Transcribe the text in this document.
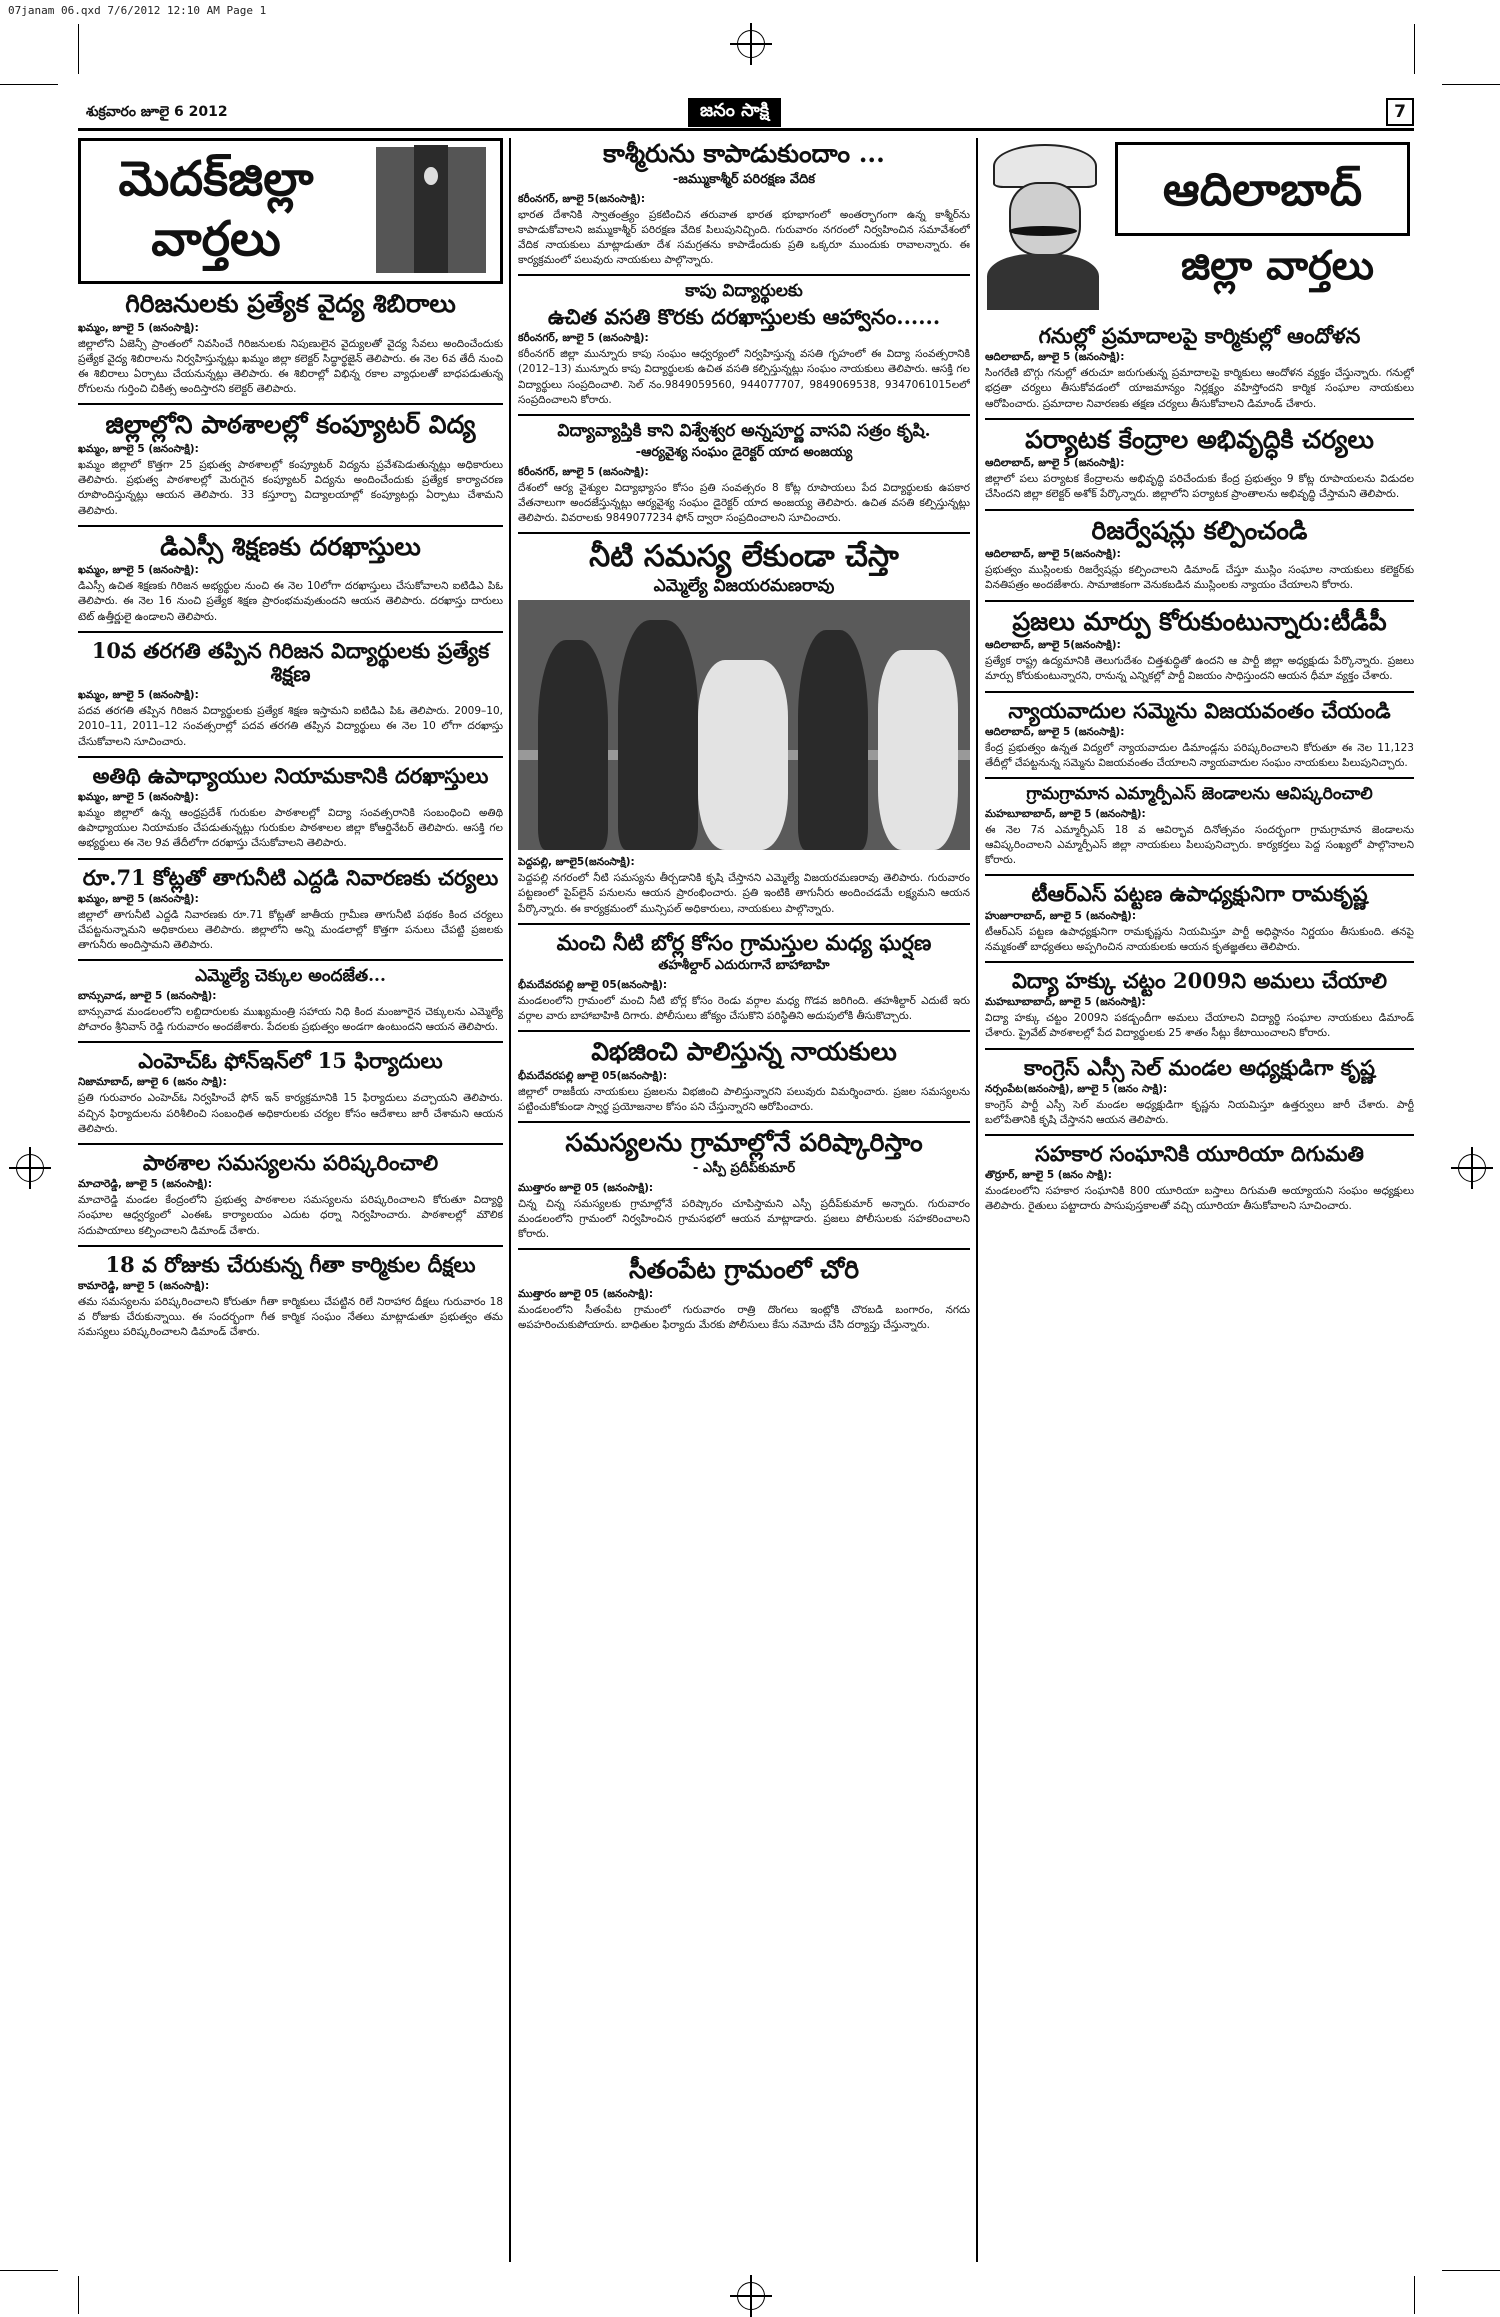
07janam 06.qxd 7/6/2012 12:10 AM Page 1
శుక్రవారం జూలై 6 2012	జనం సాక్షి	7
మెదక్‌జిల్లా వార్తలు
గిరిజనులకు ప్రత్యేక వైద్య శిబిరాలు

ఖమ్మం, జూలై 5 (జనంసాక్షి):

జిల్లాలోని ఏజెన్సీ ప్రాంతంలో నివసించే గిరిజనులకు నిపుణులైన వైద్యులతో వైద్య సేవలు అందించేందుకు ప్రత్యేక వైద్య శిబిరాలను నిర్వహిస్తున్నట్లు ఖమ్మం జిల్లా కలెక్టర్ సిద్ధార్థజైన్ తెలిపారు. ఈ నెల 6వ తేదీ నుంచి ఈ శిబిరాలు ఏర్పాటు చేయనున్నట్లు తెలిపారు. ఈ శిబిరాల్లో విభిన్న రకాల వ్యాధులతో బాధపడుతున్న రోగులను గుర్తించి చికిత్స అందిస్తారని కలెక్టర్ తెలిపారు.

జిల్లాల్లోని పాఠశాలల్లో కంప్యూటర్ విద్య

ఖమ్మం, జూలై 5 (జనంసాక్షి):

ఖమ్మం జిల్లాలో కొత్తగా 25 ప్రభుత్వ పాఠశాలల్లో కంప్యూటర్ విద్యను ప్రవేశపెడుతున్నట్లు అధికారులు తెలిపారు. ప్రభుత్వ పాఠశాలల్లో మెరుగైన కంప్యూటర్ విద్యను అందించేందుకు ప్రత్యేక కార్యాచరణ రూపొందిస్తున్నట్లు ఆయన తెలిపారు. 33 కస్తూర్బా విద్యాలయాల్లో కంప్యూటర్లు ఏర్పాటు చేశామని తెలిపారు.

డిఎస్సీ శిక్షణకు దరఖాస్తులు

ఖమ్మం, జూలై 5 (జనంసాక్షి):

డిఎస్సీ ఉచిత శిక్షణకు గిరిజన అభ్యర్థుల నుంచి ఈ నెల 10లోగా దరఖాస్తులు చేసుకోవాలని ఐటిడిఎ పిఓ తెలిపారు. ఈ నెల 16 నుంచి ప్రత్యేక శిక్షణ ప్రారంభమవుతుందని ఆయన తెలిపారు. దరఖాస్తు దారులు టెట్ ఉత్తీర్ణులై ఉండాలని తెలిపారు.

10వ తరగతి తప్పిన గిరిజన విద్యార్థులకు ప్రత్యేక శిక్షణ

ఖమ్మం, జూలై 5 (జనంసాక్షి):

పదవ తరగతి తప్పిన గిరిజన విద్యార్థులకు ప్రత్యేక శిక్షణ ఇస్తామని ఐటిడిఎ పిఓ తెలిపారు. 2009–10, 2010–11, 2011–12 సంవత్సరాల్లో పదవ తరగతి తప్పిన విద్యార్థులు ఈ నెల 10 లోగా దరఖాస్తు చేసుకోవాలని సూచించారు.

అతిథి ఉపాధ్యాయుల నియామకానికి దరఖాస్తులు

ఖమ్మం, జూలై 5 (జనంసాక్షి):

ఖమ్మం జిల్లాలో ఉన్న ఆంధ్రప్రదేశ్ గురుకుల పాఠశాలల్లో విద్యా సంవత్సరానికి సంబంధించి అతిథి ఉపాధ్యాయుల నియామకం చేపడుతున్నట్లు గురుకుల పాఠశాలల జిల్లా కోఆర్డినేటర్ తెలిపారు. ఆసక్తి గల అభ్యర్థులు ఈ నెల 9వ తేదీలోగా దరఖాస్తు చేసుకోవాలని తెలిపారు.

రూ.71 కోట్లతో తాగునీటి ఎద్దడి నివారణకు చర్యలు

ఖమ్మం, జూలై 5 (జనంసాక్షి):

జిల్లాలో తాగునీటి ఎద్దడి నివారణకు రూ.71 కోట్లతో జాతీయ గ్రామీణ తాగునీటి పథకం కింద చర్యలు చేపట్టనున్నామని అధికారులు తెలిపారు. జిల్లాలోని అన్ని మండలాల్లో కొత్తగా పనులు చేపట్టి ప్రజలకు తాగునీరు అందిస్తామని తెలిపారు.

ఎమ్మెల్యే చెక్కుల అందజేత...

బాన్సువాడ, జూలై 5 (జనంసాక్షి):

బాన్సువాడ మండలంలోని లబ్దిదారులకు ముఖ్యమంత్రి సహాయ నిధి కింద మంజూరైన చెక్కులను ఎమ్మెల్యే పోచారం శ్రీనివాస్ రెడ్డి గురువారం అందజేశారు. పేదలకు ప్రభుత్వం అండగా ఉంటుందని ఆయన తెలిపారు.

ఎంహెచ్‌ఓ ఫోన్‌ఇన్‌లో 15 ఫిర్యాదులు

నిజామాబాద్, జూలై 6 (జనం సాక్షి):

ప్రతి గురువారం ఎంహెచ్ఓ నిర్వహించే ఫోన్ ఇన్ కార్యక్రమానికి 15 ఫిర్యాదులు వచ్చాయని తెలిపారు. వచ్చిన ఫిర్యాదులను పరిశీలించి సంబంధిత అధికారులకు చర్యల కోసం ఆదేశాలు జారీ చేశామని ఆయన తెలిపారు.

పాఠశాల సమస్యలను పరిష్కరించాలి

మాచారెడ్డి, జూలై 5 (జనంసాక్షి):

మాచారెడ్డి మండల కేంద్రంలోని ప్రభుత్వ పాఠశాలల సమస్యలను పరిష్కరించాలని కోరుతూ విద్యార్థి సంఘాల ఆధ్వర్యంలో ఎంఈఓ కార్యాలయం ఎదుట ధర్నా నిర్వహించారు. పాఠశాలల్లో మౌలిక సదుపాయాలు కల్పించాలని డిమాండ్ చేశారు.

18 వ రోజుకు చేరుకున్న గీతా కార్మికుల దీక్షలు

కామారెడ్డి, జూలై 5 (జనంసాక్షి):

తమ సమస్యలను పరిష్కరించాలని కోరుతూ గీతా కార్మికులు చేపట్టిన రిలే నిరాహార దీక్షలు గురువారం 18 వ రోజుకు చేరుకున్నాయి. ఈ సందర్భంగా గీత కార్మిక సంఘం నేతలు మాట్లాడుతూ ప్రభుత్వం తమ సమస్యలు పరిష్కరించాలని డిమాండ్ చేశారు.

కాశ్మీరును కాపాడుకుందాం ...
-జమ్ముకాశ్మీర్ పరిరక్షణ వేదిక

కరీంనగర్, జూలై 5(జనంసాక్షి):

భారత దేశానికి స్వాతంత్ర్యం ప్రకటించిన తరువాత భారత భూభాగంలో అంతర్భాగంగా ఉన్న కాశ్మీర్‌ను కాపాడుకోవాలని జమ్ముకాశ్మీర్ పరిరక్షణ వేదిక పిలుపునిచ్చింది. గురువారం నగరంలో నిర్వహించిన సమావేశంలో వేదిక నాయకులు మాట్లాడుతూ దేశ సమగ్రతను కాపాడేందుకు ప్రతి ఒక్కరూ ముందుకు రావాలన్నారు. ఈ కార్యక్రమంలో పలువురు నాయకులు పాల్గొన్నారు.

కాపు విద్యార్థులకు
ఉచిత వసతి కొరకు దరఖాస్తులకు ఆహ్వానం......

కరీంనగర్, జూలై 5 (జనంసాక్షి):

కరీంనగర్ జిల్లా మున్నూరు కాపు సంఘం ఆధ్వర్యంలో నిర్వహిస్తున్న వసతి గృహంలో ఈ విద్యా సంవత్సరానికి (2012–13) మున్నూరు కాపు విద్యార్థులకు ఉచిత వసతి కల్పిస్తున్నట్లు సంఘం నాయకులు తెలిపారు. ఆసక్తి గల విద్యార్థులు సంప్రదించాలి. సెల్ నం.9849059560, 944077707, 9849069538, 9347061015లలో సంప్రదించాలని కోరారు.

విద్యావ్యాప్తికి కాని విశ్వేశ్వర అన్నపూర్ణ వాసవి సత్రం కృషి.
-ఆర్యవైశ్య సంఘం డైరెక్టర్ యాద అంజయ్య

కరీంనగర్, జూలై 5 (జనంసాక్షి):

దేశంలో ఆర్య వైశ్యుల విద్యాభ్యాసం కోసం ప్రతి సంవత్సరం 8 కోట్ల రూపాయలు పేద విద్యార్థులకు ఉపకార వేతనాలుగా అందజేస్తున్నట్లు ఆర్యవైశ్య సంఘం డైరెక్టర్ యాద అంజయ్య తెలిపారు. ఉచిత వసతి కల్పిస్తున్నట్లు తెలిపారు. వివరాలకు 9849077234 ఫోన్ ద్వారా సంప్రదించాలని సూచించారు.

నీటి సమస్య లేకుండా చేస్తా
ఎమ్మెల్యే విజయరమణరావు

పెద్దపల్లి, జూలై5(జనంసాక్షి):

పెద్దపల్లి నగరంలో నీటి సమస్యను తీర్చడానికి కృషి చేస్తానని ఎమ్మెల్యే విజయరమణరావు తెలిపారు. గురువారం పట్టణంలో పైప్‌లైన్ పనులను ఆయన ప్రారంభించారు. ప్రతి ఇంటికి తాగునీరు అందించడమే లక్ష్యమని ఆయన పేర్కొన్నారు. ఈ కార్యక్రమంలో మున్సిపల్ అధికారులు, నాయకులు పాల్గొన్నారు.

మంచి నీటి బోర్ల కోసం గ్రామస్తుల మధ్య ఘర్షణ
తహశీల్దార్ ఎదురుగానే బాహాబాహి

భీమదేవరపల్లి జూలై 05(జనంసాక్షి):

మండలంలోని గ్రామంలో మంచి నీటి బోర్ల కోసం రెండు వర్గాల మధ్య గొడవ జరిగింది. తహశీల్దార్ ఎదుటే ఇరు వర్గాల వారు బాహాబాహికి దిగారు. పోలీసులు జోక్యం చేసుకొని పరిస్థితిని అదుపులోకి తీసుకొచ్చారు.

విభజించి పాలిస్తున్న నాయకులు

భీమదేవరపల్లి జూలై 05(జనంసాక్షి):

జిల్లాలో రాజకీయ నాయకులు ప్రజలను విభజించి పాలిస్తున్నారని పలువురు విమర్శించారు. ప్రజల సమస్యలను పట్టించుకోకుండా స్వార్థ ప్రయోజనాల కోసం పని చేస్తున్నారని ఆరోపించారు.

సమస్యలను గ్రామాల్లోనే పరిష్కారిస్తాం
- ఎస్పీ ప్రదీప్‌కుమార్

ముత్తారం జూలై 05 (జనంసాక్షి):

చిన్న చిన్న సమస్యలకు గ్రామాల్లోనే పరిష్కారం చూపిస్తామని ఎస్పీ ప్రదీప్‌కుమార్ అన్నారు. గురువారం మండలంలోని గ్రామంలో నిర్వహించిన గ్రామసభలో ఆయన మాట్లాడారు. ప్రజలు పోలీసులకు సహకరించాలని కోరారు.

సీతంపేట గ్రామంలో చోరి

ముత్తారం జూలై 05 (జనంసాక్షి):

మండలంలోని సీతంపేట గ్రామంలో గురువారం రాత్రి దొంగలు ఇంట్లోకి చొరబడి బంగారం, నగదు అపహరించుకుపోయారు. బాధితుల ఫిర్యాదు మేరకు పోలీసులు కేసు నమోదు చేసి దర్యాప్తు చేస్తున్నారు.

ఆదిలాబాద్
జిల్లా వార్తలు
గనుల్లో ప్రమాదాలపై కార్మికుల్లో ఆందోళన

ఆదిలాబాద్, జూలై 5 (జనంసాక్షి):

సింగరేణి బొగ్గు గనుల్లో తరుచూ జరుగుతున్న ప్రమాదాలపై కార్మికులు ఆందోళన వ్యక్తం చేస్తున్నారు. గనుల్లో భద్రతా చర్యలు తీసుకోవడంలో యాజమాన్యం నిర్లక్ష్యం వహిస్తోందని కార్మిక సంఘాల నాయకులు ఆరోపించారు. ప్రమాదాల నివారణకు తక్షణ చర్యలు తీసుకోవాలని డిమాండ్ చేశారు.

పర్యాటక కేంద్రాల అభివృద్ధికి చర్యలు

ఆదిలాబాద్, జూలై 5 (జనంసాక్షి):

జిల్లాలో పలు పర్యాటక కేంద్రాలను అభివృద్ధి పరిచేందుకు కేంద్ర ప్రభుత్వం 9 కోట్ల రూపాయలను విడుదల చేసిందని జిల్లా కలెక్టర్ అశోక్ పేర్కొన్నారు. జిల్లాలోని పర్యాటక ప్రాంతాలను అభివృద్ధి చేస్తామని తెలిపారు.

రిజర్వేషన్లు కల్పించండి

ఆదిలాబాద్, జూలై 5(జనంసాక్షి):

ప్రభుత్వం ముస్లింలకు రిజర్వేషన్లు కల్పించాలని డిమాండ్ చేస్తూ ముస్లిం సంఘాల నాయకులు కలెక్టర్‌కు వినతిపత్రం అందజేశారు. సామాజికంగా వెనుకబడిన ముస్లింలకు న్యాయం చేయాలని కోరారు.

ప్రజలు మార్పు కోరుకుంటున్నారు:టీడీపీ

ఆదిలాబాద్, జూలై 5(జనంసాక్షి):

ప్రత్యేక రాష్ట్ర ఉద్యమానికి తెలుగుదేశం చిత్తశుద్ధితో ఉందని ఆ పార్టీ జిల్లా అధ్యక్షుడు పేర్కొన్నారు. ప్రజలు మార్పు కోరుకుంటున్నారని, రానున్న ఎన్నికల్లో పార్టీ విజయం సాధిస్తుందని ఆయన ధీమా వ్యక్తం చేశారు.

న్యాయవాదుల సమ్మెను విజయవంతం చేయండి

ఆదిలాబాద్, జూలై 5 (జనంసాక్షి):

కేంద్ర ప్రభుత్వం ఉన్నత విద్యలో న్యాయవాదుల డిమాండ్లను పరిష్కరించాలని కోరుతూ ఈ నెల 11,123 తేదీల్లో చేపట్టనున్న సమ్మెను విజయవంతం చేయాలని న్యాయవాదుల సంఘం నాయకులు పిలుపునిచ్చారు.

గ్రామగ్రామాన ఎమ్మార్పీఎస్ జెండాలను ఆవిష్కరించాలి

మహబూబాబాద్, జూలై 5 (జనంసాక్షి):

ఈ నెల 7న ఎమ్మార్పీఎస్ 18 వ ఆవిర్భావ దినోత్సవం సందర్భంగా గ్రామగ్రామాన జెండాలను ఆవిష్కరించాలని ఎమ్మార్పీఎస్ జిల్లా నాయకులు పిలుపునిచ్చారు. కార్యకర్తలు పెద్ద సంఖ్యలో పాల్గొనాలని కోరారు.

టీఆర్ఎస్ పట్టణ ఉపాధ్యక్షునిగా రామకృష్ణ

హుజూరాబాద్, జూలై 5 (జనంసాక్షి):

టీఆర్ఎస్ పట్టణ ఉపాధ్యక్షునిగా రామకృష్ణను నియమిస్తూ పార్టీ అధిష్ఠానం నిర్ణయం తీసుకుంది. తనపై నమ్మకంతో బాధ్యతలు అప్పగించిన నాయకులకు ఆయన కృతజ్ఞతలు తెలిపారు.

విద్యా హక్కు చట్టం 2009ని అమలు చేయాలి

మహబూబాబాద్, జూలై 5 (జనంసాక్షి):

విద్యా హక్కు చట్టం 2009ని పకడ్బందీగా అమలు చేయాలని విద్యార్థి సంఘాల నాయకులు డిమాండ్ చేశారు. ప్రైవేట్ పాఠశాలల్లో పేద విద్యార్థులకు 25 శాతం సీట్లు కేటాయించాలని కోరారు.

కాంగ్రెస్ ఎస్సీ సెల్ మండల అధ్యక్షుడిగా కృష్ణ

నర్సంపేట(జనంసాక్షి), జూలై 5 (జనం సాక్షి):

కాంగ్రెస్ పార్టీ ఎస్సీ సెల్ మండల అధ్యక్షుడిగా కృష్ణను నియమిస్తూ ఉత్తర్వులు జారీ చేశారు. పార్టీ బలోపేతానికి కృషి చేస్తానని ఆయన తెలిపారు.

సహకార సంఘానికి యూరియా దిగుమతి

తొర్రూర్, జూలై 5 (జనం సాక్షి):

మండలంలోని సహకార సంఘానికి 800 యూరియా బస్తాలు దిగుమతి అయ్యాయని సంఘం అధ్యక్షులు తెలిపారు. రైతులు పట్టాదారు పాసుపుస్తకాలతో వచ్చి యూరియా తీసుకోవాలని సూచించారు.
